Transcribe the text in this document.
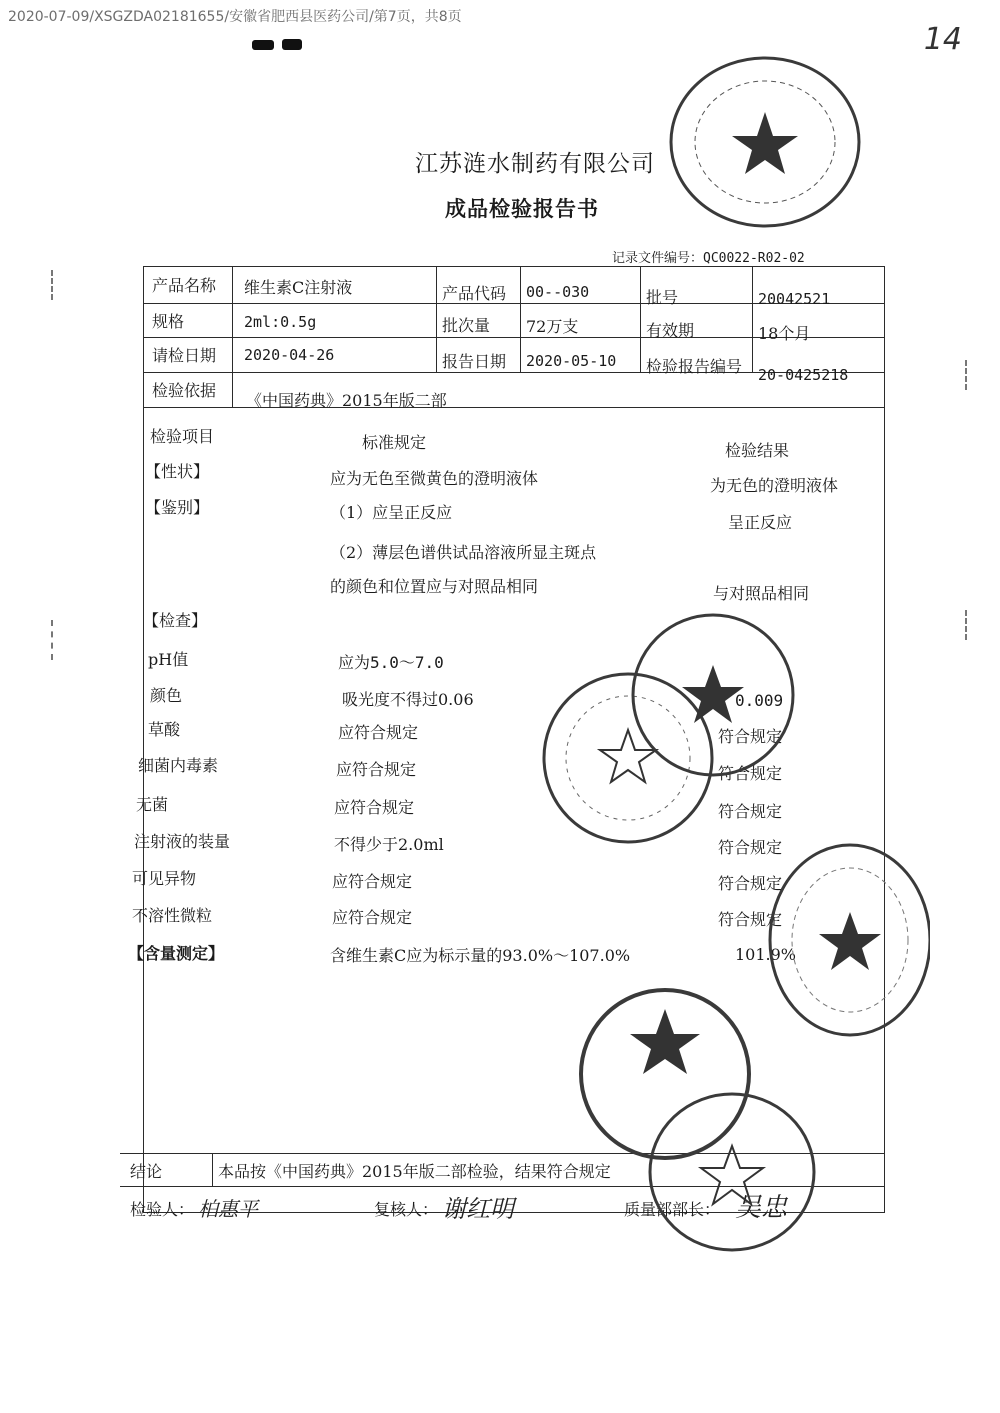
2020-07-09/XSGZDA02181655/安徽省肥西县医药公司/第7页，共8页
14
江苏涟水制药有限公司
成品检验报告书
记录文件编号：QC0022-R02-02
产品名称 维生素C注射液	产品代码 00--030	批号	20042521
规格	2ml:0.5g	批次量 72万支	有效期	18个月
请检日期 2020-04-26	报告日期 2020-05-10 检验报告编号 20-0425218
检验依据
《中国药典》2015年版二部
检验项目	标准规定	检验结果
【性状】	应为无色至微黄色的澄明液体	为无色的澄明液体
【鉴别】	（1）应呈正反应
呈正反应
（2）薄层色谱供试品溶液所显主斑点
的颜色和位置应与对照品相同	与对照品相同
【检查】
pH值	应为5.0～7.0
颜色	吸光度不得过0.06	0.009
草酸	应符合规定	符合规定
细菌内毒素	应符合规定	符合规定
无菌	应符合规定	符合规定
注射液的装量	不得少于2.0ml	符合规定
可见异物	应符合规定	符合规定
不溶性微粒	应符合规定	符合规定
【含量测定】	含维生素C应为标示量的93.0%～107.0%	101.9%
结论	本品按《中国药典》2015年版二部检验，结果符合规定
检验人： 柏惠平	复核人： 谢红明	质量部部长： 吴忠
